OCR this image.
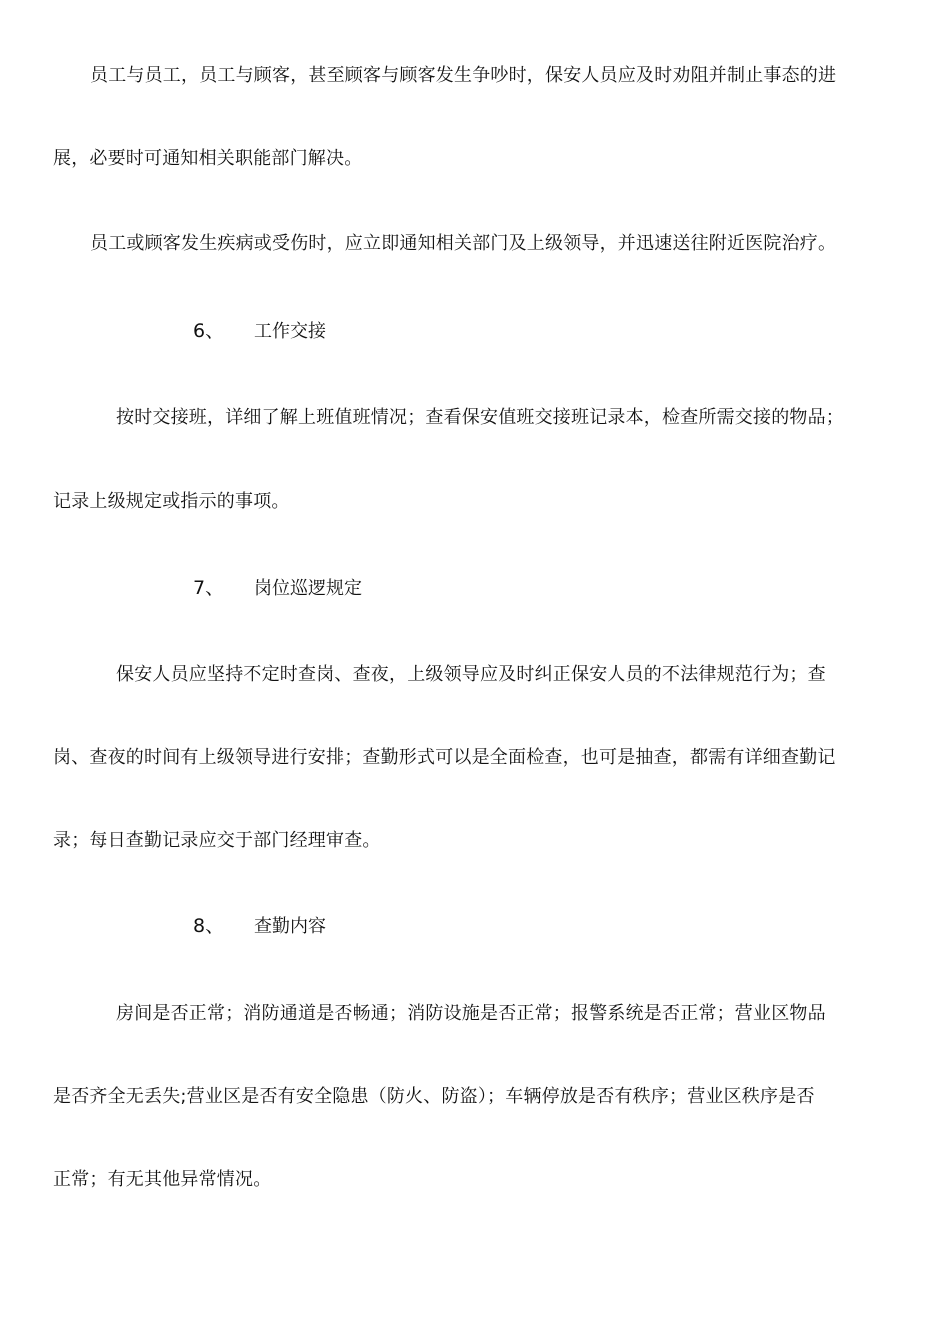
员工与员工，员工与顾客，甚至顾客与顾客发生争吵时，保安人员应及时劝阻并制止事态的进
展，必要时可通知相关职能部门解决。
员工或顾客发生疾病或受伤时，应立即通知相关部门及上级领导，并迅速送往附近医院治疗。
6、 工作交接
按时交接班，详细了解上班值班情况；查看保安值班交接班记录本，检查所需交接的物品；
记录上级规定或指示的事项。
7、 岗位巡逻规定
保安人员应坚持不定时查岗、查夜，上级领导应及时纠正保安人员的不法律规范行为；查
岗、查夜的时间有上级领导进行安排；查勤形式可以是全面检查，也可是抽查，都需有详细查勤记
录；每日查勤记录应交于部门经理审查。
8、 查勤内容
房间是否正常；消防通道是否畅通；消防设施是否正常；报警系统是否正常；营业区物品
是否齐全无丢失;营业区是否有安全隐患（防火、防盗）；车辆停放是否有秩序；营业区秩序是否
正常；有无其他异常情况。
